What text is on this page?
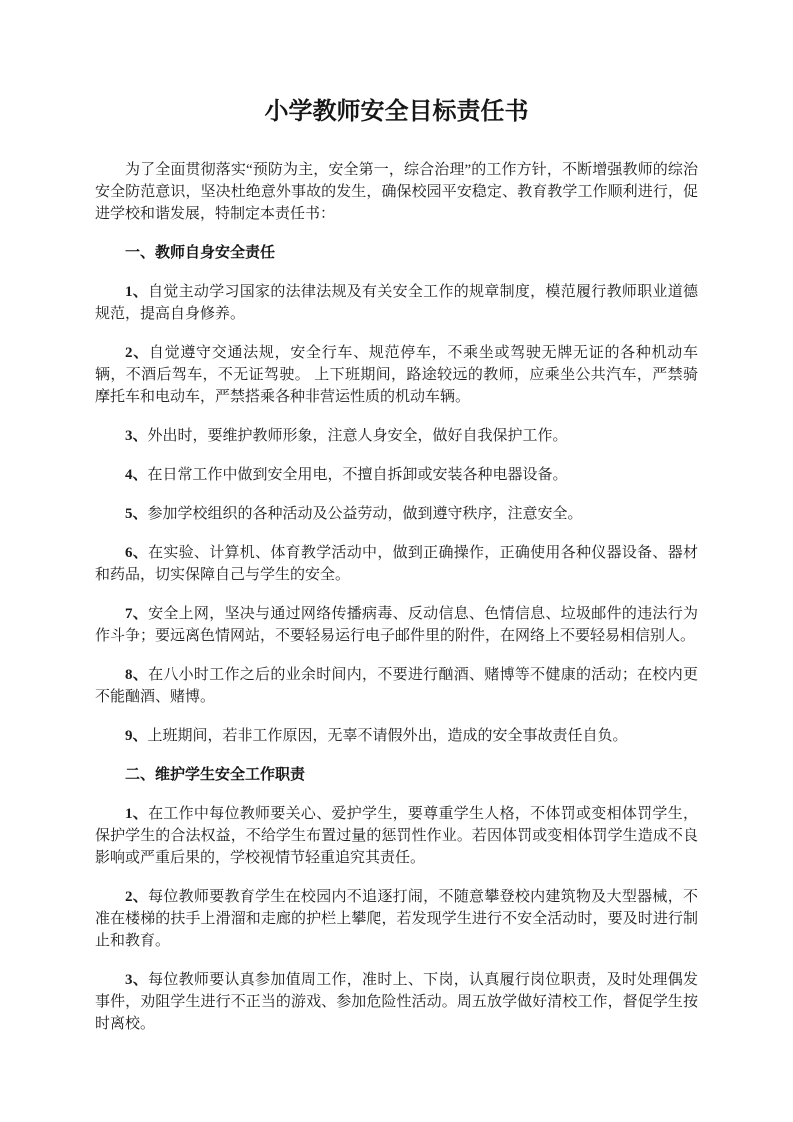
小学教师安全目标责任书

为了全面贯彻落实“预防为主，安全第一，综合治理”的工作方针，不断增强教师的综治安全防范意识，坚决杜绝意外事故的发生，确保校园平安稳定、教育教学工作顺利进行，促进学校和谐发展，特制定本责任书：

一、教师自身安全责任

1、自觉主动学习国家的法律法规及有关安全工作的规章制度，模范履行教师职业道德规范，提高自身修养。

2、自觉遵守交通法规，安全行车、规范停车，不乘坐或驾驶无牌无证的各种机动车辆，不酒后驾车，不无证驾驶。 上下班期间，路途较远的教师，应乘坐公共汽车，严禁骑摩托车和电动车，严禁搭乘各种非营运性质的机动车辆。

3、外出时，要维护教师形象，注意人身安全，做好自我保护工作。

4、在日常工作中做到安全用电，不擅自拆卸或安装各种电器设备。

5、参加学校组织的各种活动及公益劳动，做到遵守秩序，注意安全。

6、在实验、计算机、体育教学活动中，做到正确操作，正确使用各种仪器设备、器材和药品，切实保障自己与学生的安全。

7、安全上网，坚决与通过网络传播病毒、反动信息、色情信息、垃圾邮件的违法行为作斗争；要远离色情网站，不要轻易运行电子邮件里的附件，在网络上不要轻易相信别人。

8、在八小时工作之后的业余时间内，不要进行酗酒、赌博等不健康的活动；在校内更不能酗酒、赌博。

9、上班期间，若非工作原因，无辜不请假外出，造成的安全事故责任自负。

二、维护学生安全工作职责

1、在工作中每位教师要关心、爱护学生，要尊重学生人格，不体罚或变相体罚学生，保护学生的合法权益，不给学生布置过量的惩罚性作业。若因体罚或变相体罚学生造成不良影响或严重后果的，学校视情节轻重追究其责任。

2、每位教师要教育学生在校园内不追逐打闹，不随意攀登校内建筑物及大型器械，不准在楼梯的扶手上滑溜和走廊的护栏上攀爬，若发现学生进行不安全活动时，要及时进行制止和教育。

3、每位教师要认真参加值周工作，准时上、下岗，认真履行岗位职责，及时处理偶发事件，劝阻学生进行不正当的游戏、参加危险性活动。周五放学做好清校工作，督促学生按时离校。
